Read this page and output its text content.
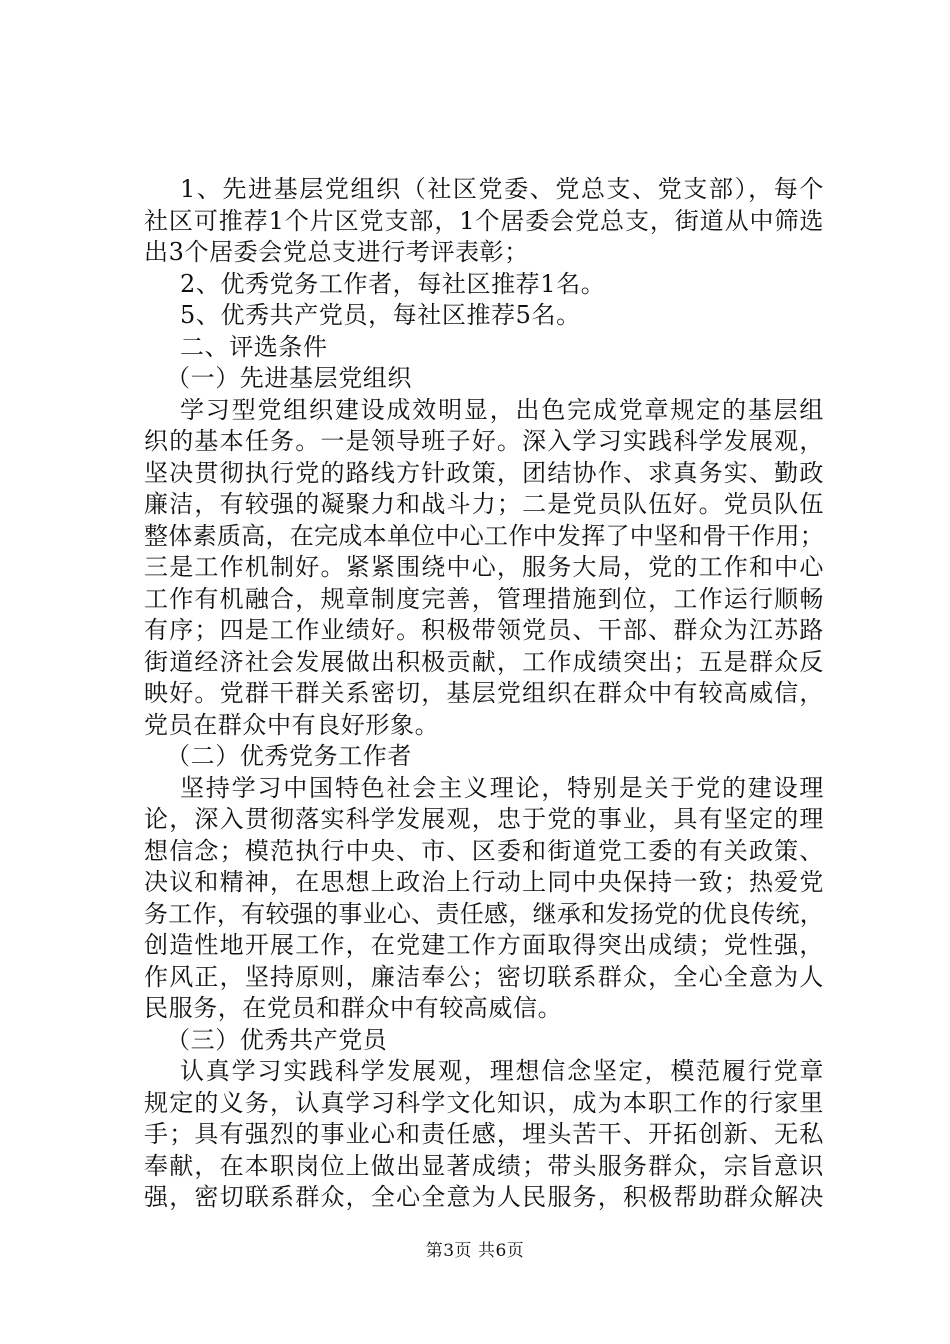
1、先进基层党组织（社区党委、党总支、党支部），每个
社区可推荐1个片区党支部，1个居委会党总支，街道从中筛选
出3个居委会党总支进行考评表彰；
2、优秀党务工作者，每社区推荐1名。
5、优秀共产党员，每社区推荐5名。
二、评选条件
（一）先进基层党组织
学习型党组织建设成效明显，出色完成党章规定的基层组
织的基本任务。一是领导班子好。深入学习实践科学发展观，
坚决贯彻执行党的路线方针政策，团结协作、求真务实、勤政
廉洁，有较强的凝聚力和战斗力；二是党员队伍好。党员队伍
整体素质高，在完成本单位中心工作中发挥了中坚和骨干作用；
三是工作机制好。紧紧围绕中心，服务大局，党的工作和中心
工作有机融合，规章制度完善，管理措施到位，工作运行顺畅
有序；四是工作业绩好。积极带领党员、干部、群众为江苏路
街道经济社会发展做出积极贡献，工作成绩突出；五是群众反
映好。党群干群关系密切，基层党组织在群众中有较高威信，
党员在群众中有良好形象。
（二）优秀党务工作者
坚持学习中国特色社会主义理论，特别是关于党的建设理
论，深入贯彻落实科学发展观，忠于党的事业，具有坚定的理
想信念；模范执行中央、市、区委和街道党工委的有关政策、
决议和精神，在思想上政治上行动上同中央保持一致；热爱党
务工作，有较强的事业心、责任感，继承和发扬党的优良传统，
创造性地开展工作，在党建工作方面取得突出成绩；党性强，
作风正，坚持原则，廉洁奉公；密切联系群众，全心全意为人
民服务，在党员和群众中有较高威信。
（三）优秀共产党员
认真学习实践科学发展观，理想信念坚定，模范履行党章
规定的义务，认真学习科学文化知识，成为本职工作的行家里
手；具有强烈的事业心和责任感，埋头苦干、开拓创新、无私
奉献，在本职岗位上做出显著成绩；带头服务群众，宗旨意识
强，密切联系群众，全心全意为人民服务，积极帮助群众解决
第3页 共6页
